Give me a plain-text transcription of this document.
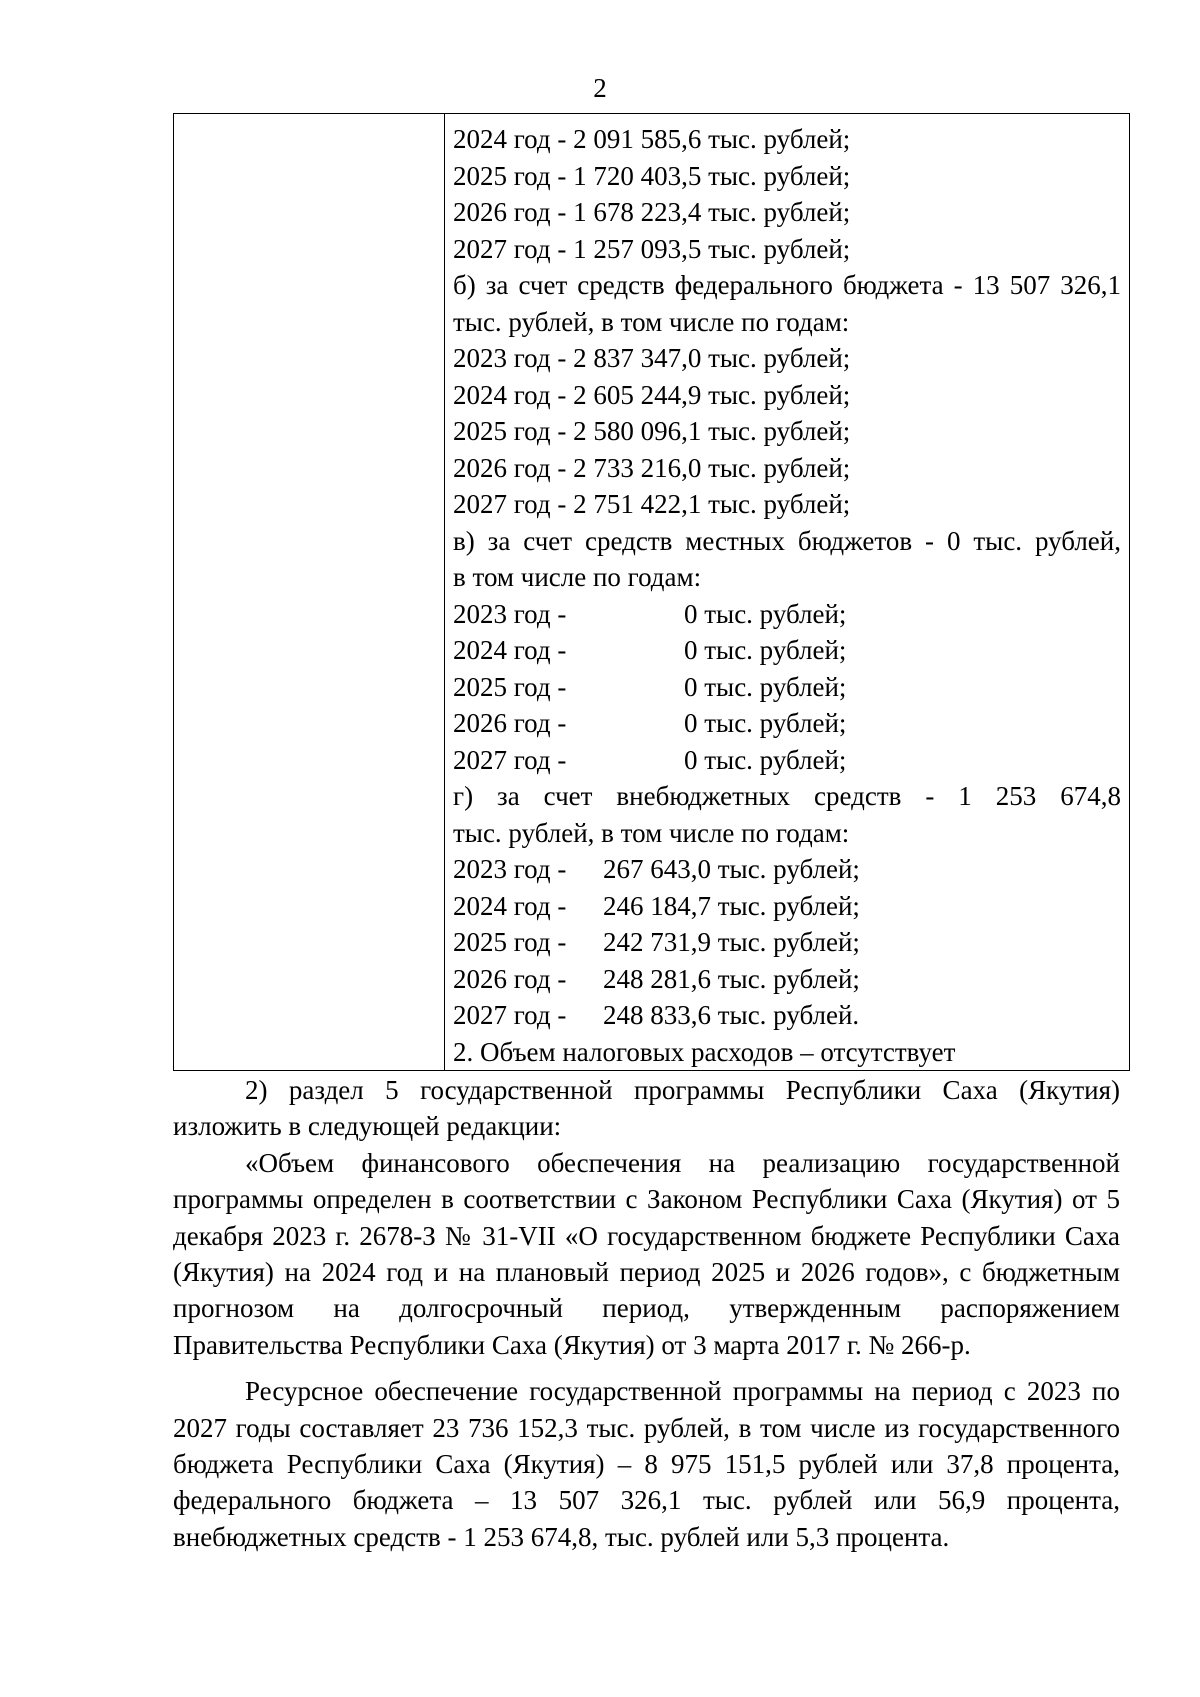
2

2024 год - 2 091 585,6 тыс. рублей;
2025 год - 1 720 403,5 тыс. рублей;
2026 год - 1 678 223,4 тыс. рублей;
2027 год - 1 257 093,5 тыс. рублей;
б) за счет средств федерального бюджета - 13 507 326,1
тыс. рублей, в том числе по годам:
2023 год - 2 837 347,0 тыс. рублей;
2024 год - 2 605 244,9 тыс. рублей;
2025 год - 2 580 096,1 тыс. рублей;
2026 год - 2 733 216,0 тыс. рублей;
2027 год - 2 751 422,1 тыс. рублей;
в) за счет средств местных бюджетов - 0 тыс. рублей,
в том числе по годам:
2023 год -	0 тыс. рублей;
2024 год -	0 тыс. рублей;
2025 год -	0 тыс. рублей;
2026 год -	0 тыс. рублей;
2027 год -	0 тыс. рублей;
г) за счет внебюджетных средств - 1 253 674,8
тыс. рублей, в том числе по годам:
2023 год - 267 643,0 тыс. рублей;
2024 год - 246 184,7 тыс. рублей;
2025 год - 242 731,9 тыс. рублей;
2026 год - 248 281,6 тыс. рублей;
2027 год - 248 833,6 тыс. рублей.
2. Объем налоговых расходов – отсутствует

2) раздел 5 государственной программы Республики Саха (Якутия) изложить в следующей редакции:

«Объем финансового обеспечения на реализацию государственной программы определен в соответствии с Законом Республики Саха (Якутия) от 5 декабря 2023 г. 2678-З № 31-VII «О государственном бюджете Республики Саха (Якутия) на 2024 год и на плановый период 2025 и 2026 годов», с бюджетным прогнозом на долгосрочный период, утвержденным распоряжением Правительства Республики Саха (Якутия) от 3 марта 2017 г. № 266-р.

Ресурсное обеспечение государственной программы на период с 2023 по 2027 годы составляет 23 736 152,3 тыс. рублей, в том числе из государственного бюджета Республики Саха (Якутия) – 8 975 151,5 рублей или 37,8 процента, федерального бюджета – 13 507 326,1 тыс. рублей или 56,9 процента, внебюджетных средств - 1 253 674,8, тыс. рублей или 5,3 процента.
